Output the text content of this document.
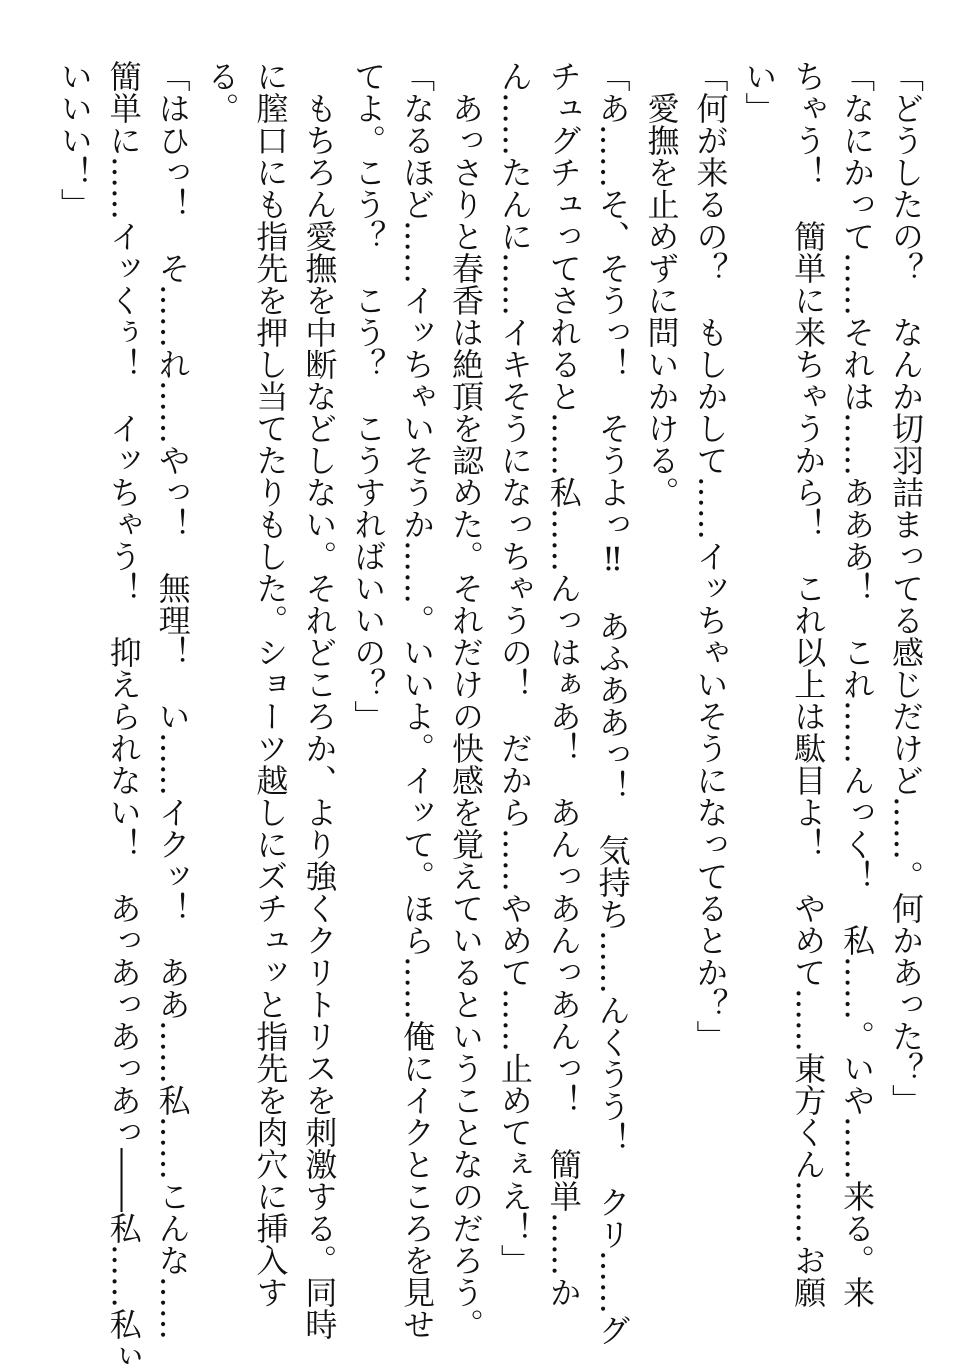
「どうしたの？　なんか切羽詰まってる感じだけど……。何かあった？」
「なにかって……それは……あああ！　これ……んっく！　私……。いや……来る。来
ちゃう！　簡単に来ちゃうから！　これ以上は駄目よ！　やめて……東方くん……お願
い」
「何が来るの？　もしかして……イッちゃいそうになってるとか？」
　愛撫を止めずに問いかける。
「あ……そ、そうっ！　そうよっ‼　あふああっ！　気持ち……んくうう！　クリ……グ
チュグチュってされると……私……んっはぁあ！　あんっあんっあんっ！　簡単……か
ん……たんに……イキそうになっちゃうの！　だから……やめて……止めてぇえ！」
　あっさりと春香は絶頂を認めた。それだけの快感を覚えているということなのだろう。
「なるほど……イッちゃいそうか……。いいよ。イッて。ほら……俺にイクところを見せ
てよ。こう？　こう？　こうすればいいの？」
　もちろん愛撫を中断などしない。それどころか、より強くクリトリスを刺激する。同時
に膣口にも指先を押し当てたりもした。ショーツ越しにズチュッと指先を肉穴に挿入す
る。
「はひっ！　そ……れ……やっ！　無理！　い……イクッ！　ああ……私……こんな……
簡単に……イッくぅ！　イッちゃう！　抑えられない！　あっあっあっあっ――私……私ぃ
いいい！」
